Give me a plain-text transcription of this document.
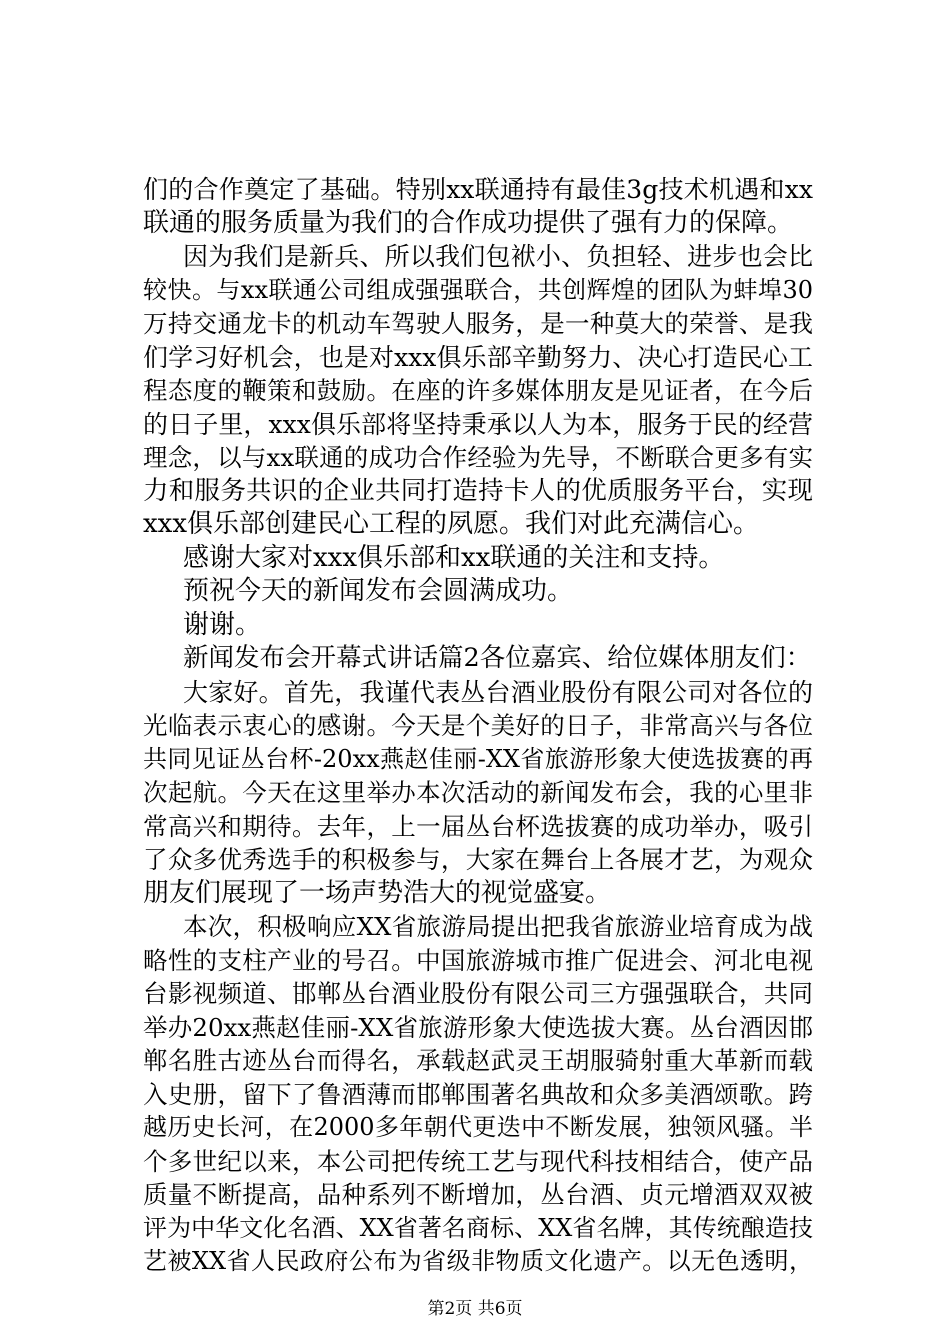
们的合作奠定了基础。特别xx联通持有最佳3g技术机遇和xx
联通的服务质量为我们的合作成功提供了强有力的保障。
因为我们是新兵、所以我们包袱小、负担轻、进步也会比
较快。与xx联通公司组成强强联合，共创辉煌的团队为蚌埠30
万持交通龙卡的机动车驾驶人服务，是一种莫大的荣誉、是我
们学习好机会，也是对xxx俱乐部辛勤努力、决心打造民心工
程态度的鞭策和鼓励。在座的许多媒体朋友是见证者，在今后
的日子里，xxx俱乐部将坚持秉承以人为本，服务于民的经营
理念，以与xx联通的成功合作经验为先导，不断联合更多有实
力和服务共识的企业共同打造持卡人的优质服务平台，实现
xxx俱乐部创建民心工程的夙愿。我们对此充满信心。
感谢大家对xxx俱乐部和xx联通的关注和支持。
预祝今天的新闻发布会圆满成功。
谢谢。
新闻发布会开幕式讲话篇2各位嘉宾、给位媒体朋友们：
大家好。首先，我谨代表丛台酒业股份有限公司对各位的
光临表示衷心的感谢。今天是个美好的日子，非常高兴与各位
共同见证丛台杯-20xx燕赵佳丽-XX省旅游形象大使选拔赛的再
次起航。今天在这里举办本次活动的新闻发布会，我的心里非
常高兴和期待。去年，上一届丛台杯选拔赛的成功举办，吸引
了众多优秀选手的积极参与，大家在舞台上各展才艺，为观众
朋友们展现了一场声势浩大的视觉盛宴。
本次，积极响应XX省旅游局提出把我省旅游业培育成为战
略性的支柱产业的号召。中国旅游城市推广促进会、河北电视
台影视频道、邯郸丛台酒业股份有限公司三方强强联合，共同
举办20xx燕赵佳丽-XX省旅游形象大使选拔大赛。丛台酒因邯
郸名胜古迹丛台而得名，承载赵武灵王胡服骑射重大革新而载
入史册，留下了鲁酒薄而邯郸围著名典故和众多美酒颂歌。跨
越历史长河，在2000多年朝代更迭中不断发展，独领风骚。半
个多世纪以来，本公司把传统工艺与现代科技相结合，使产品
质量不断提高，品种系列不断增加，丛台酒、贞元增酒双双被
评为中华文化名酒、XX省著名商标、XX省名牌，其传统酿造技
艺被XX省人民政府公布为省级非物质文化遗产。以无色透明，
第2页 共6页
